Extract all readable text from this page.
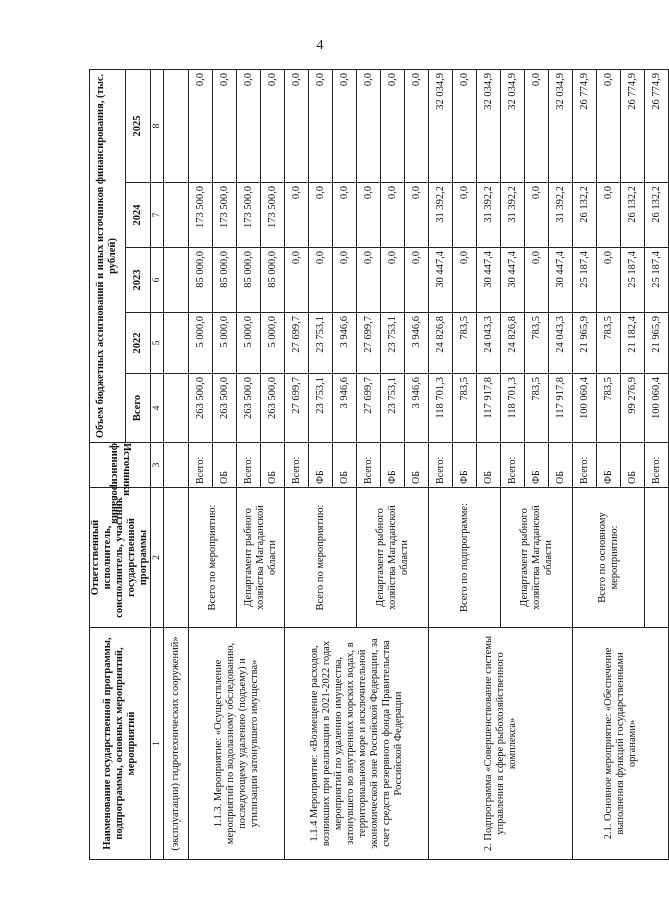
4
Наименование государственной программы, подпрограммы, основных мероприятий, мероприятий	Ответственный исполнитель, соисполнитель, участник государственной программы	Источники финансирования	Объем бюджетных ассигнований и иных источников финансирования, (тыс. рублей)				
			Всего	2022	2023	2024	2025
1	2	3	4	5	6	7	8
(эксплуатации) гидротехнических сооружений»							
1.1.3. Мероприятие: «Осуществление мероприятий по водолазному обследованию, последующему удалению (подъему) и утилизации затонувшего имущества»	Всего по мероприятию:	Всего:	263 500,0	5 000,0	85 000,0	173 500,0	0,0
		ОБ	263 500,0	5 000,0	85 000,0	173 500,0	0,0
	Департамент рыбного хозяйства Магаданской области	Всего:	263 500,0	5 000,0	85 000,0	173 500,0	0,0
		ОБ	263 500,0	5 000,0	85 000,0	173 500,0	0,0
1.1.4 Мероприятие: «Возмещение расходов, возникших при реализации в 2021-2022 годах мероприятий по удалению имущества, затонувшего во внутренних морских водах, в территориальном море и исключительной экономической зоне Российской Федерации, за счет средств резервного фонда Правительства Российской Федерации	Всего по мероприятию:	Всего:	27 699,7	27 699,7	0,0	0,0	0,0
		ФБ	23 753,1	23 753,1	0,0	0,0	0,0
		ОБ	3 946,6	3 946,6	0,0	0,0	0,0
	Департамент рыбного хозяйства Магаданской области	Всего:	27 699,7	27 699,7	0,0	0,0	0,0
		ФБ	23 753,1	23 753,1	0,0	0,0	0,0
		ОБ	3 946,6	3 946,6	0,0	0,0	0,0
2. Подпрограмма «Совершенствование системы управления в сфере рыбохозяйственного комплекса»	Всего по подпрограмме:	Всего:	118 701,3	24 826,8	30 447,4	31 392,2	32 034,9
		ФБ	783,5	783,5	0,0	0,0	0,0
		ОБ	117 917,8	24 043,3	30 447,4	31 392,2	32 034,9
	Департамент рыбного хозяйства Магаданской области	Всего:	118 701,3	24 826,8	30 447,4	31 392,2	32 034,9
		ФБ	783,5	783,5	0,0	0,0	0,0
		ОБ	117 917,8	24 043,3	30 447,4	31 392,2	32 034,9
2.1. Основное мероприятие: «Обеспечение выполнения функций государственными органами»	Всего по основному мероприятию:	Всего:	100 060,4	21 965,9	25 187,4	26 132,2	26 774,9
		ФБ	783,5	783,5	0,0	0,0	0,0
		ОБ	99 276,9	21 182,4	25 187,4	26 132,2	26 774,9
		Всего:	100 060,4	21 965,9	25 187,4	26 132,2	26 774,9
